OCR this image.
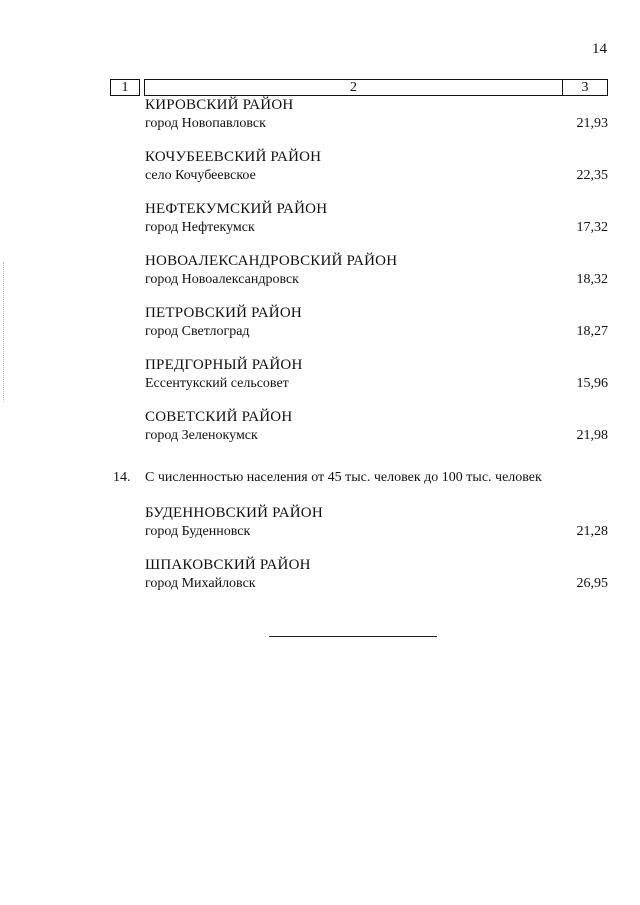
14
1		2	3

КИРОВСКИЙ РАЙОН

город Новопавловск	21,93

КОЧУБЕЕВСКИЙ РАЙОН

село Кочубеевское	22,35

НЕФТЕКУМСКИЙ РАЙОН

город Нефтекумск	17,32

НОВОАЛЕКСАНДРОВСКИЙ РАЙОН

город Новоалександровск	18,32

ПЕТРОВСКИЙ РАЙОН

город Светлоград	18,27

ПРЕДГОРНЫЙ РАЙОН

Ессентукский сельсовет	15,96

СОВЕТСКИЙ РАЙОН

город Зеленокумск	21,98
14. С численностью населения от 45 тыс. человек до 100 тыс. человек

БУДЕННОВСКИЙ РАЙОН

город Буденновск	21,28

ШПАКОВСКИЙ РАЙОН

город Михайловск	26,95
